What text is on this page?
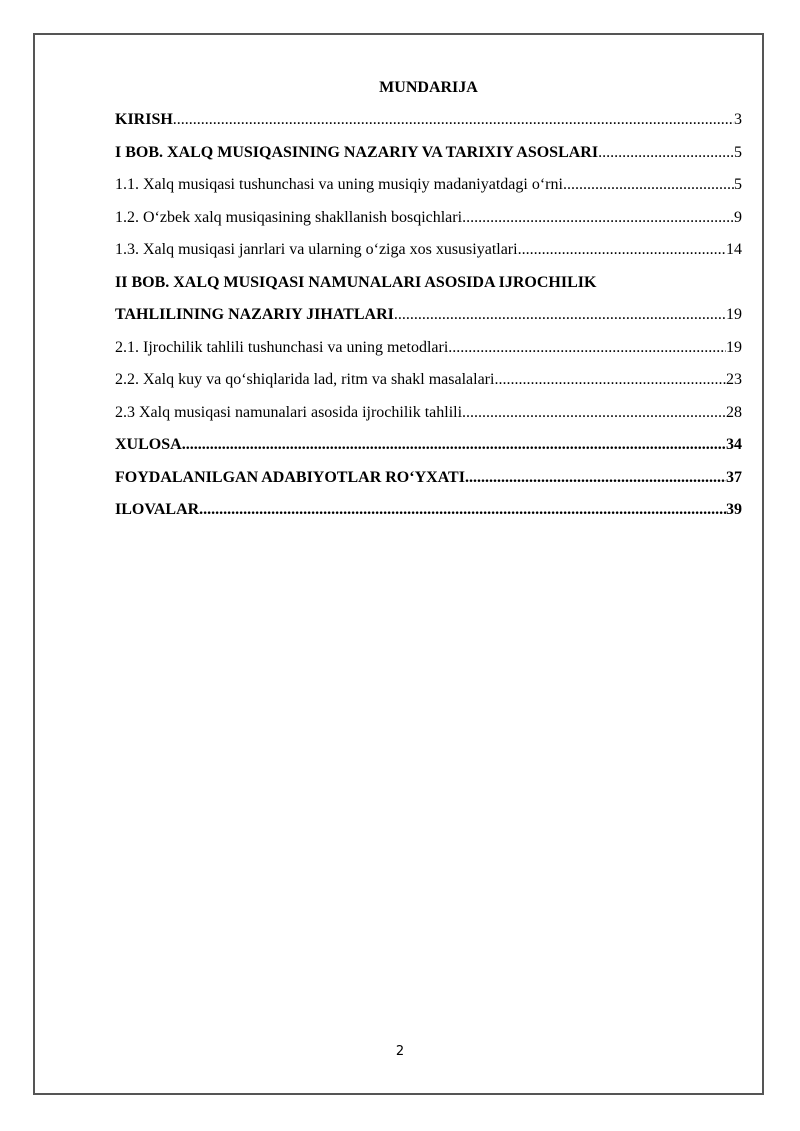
MUNDARIJA
KIRISH .....	3
I BOB. XALQ MUSIQASINING NAZARIY VA TARIXIY ASOSLARI .....	5
1.1. Xalq musiqasi tushunchasi va uning musiqiy madaniyatdagi o‘rni .....	5
1.2. O‘zbek xalq musiqasining shakllanish bosqichlari .....	9
1.3. Xalq musiqasi janrlari va ularning o‘ziga xos xususiyatlari .....	14
II BOB. XALQ MUSIQASI NAMUNALARI ASOSIDA IJROCHILIK
TAHLILINING NAZARIY JIHATLARI .....	19
2.1. Ijrochilik tahlili tushunchasi va uning metodlari .....	19
2.2. Xalq kuy va qo‘shiqlarida lad, ritm va shakl masalalari .....	23
2.3 Xalq musiqasi namunalari asosida ijrochilik tahlili .....	28
XULOSA .....	34
FOYDALANILGAN ADABIYOTLAR RO‘YXATI .....	37
ILOVALAR .....	39
2
